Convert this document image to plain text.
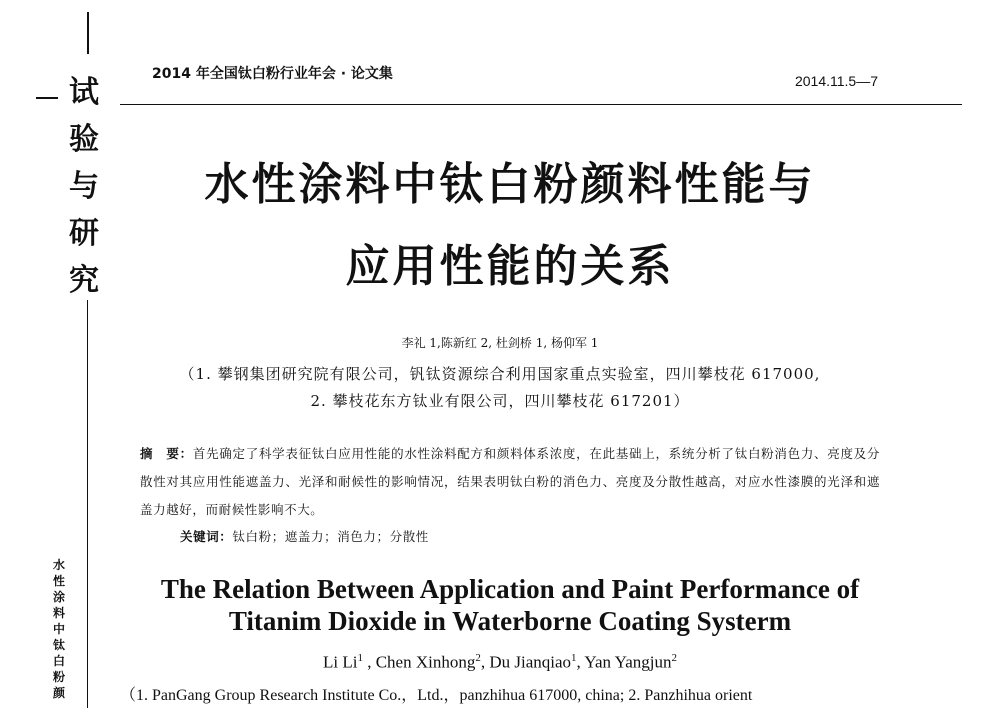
试
验
与
研
究
水性涂料中钛白粉颜
2014 年全国钛白粉行业年会 · 论文集	2014.11.5—7
水性涂料中钛白粉颜料性能与
应用性能的关系
李礼 1,陈新红 2, 杜剑桥 1, 杨仰军 1
（1. 攀钢集团研究院有限公司，钒钛资源综合利用国家重点实验室，四川攀枝花 617000,
2. 攀枝花东方钛业有限公司，四川攀枝花 617201）
摘　要：首先确定了科学表征钛白应用性能的水性涂料配方和颜料体系浓度，在此基础上，系统分析了钛白粉消色力、亮度及分散性对其应用性能遮盖力、光泽和耐候性的影响情况，结果表明钛白粉的消色力、亮度及分散性越高，对应水性漆膜的光泽和遮盖力越好，而耐候性影响不大。
关键词：钛白粉；遮盖力；消色力；分散性
The Relation Between Application and Paint Performance of
Titanim Dioxide in Waterborne Coating Systerm
Li Li$^1$ , Chen Xinhong$^2$, Du Jianqiao$^1$, Yan Yangjun$^2$
（1. PanGang Group Research Institute Co.，Ltd.，panzhihua 617000, china; 2. Panzhihua orient
